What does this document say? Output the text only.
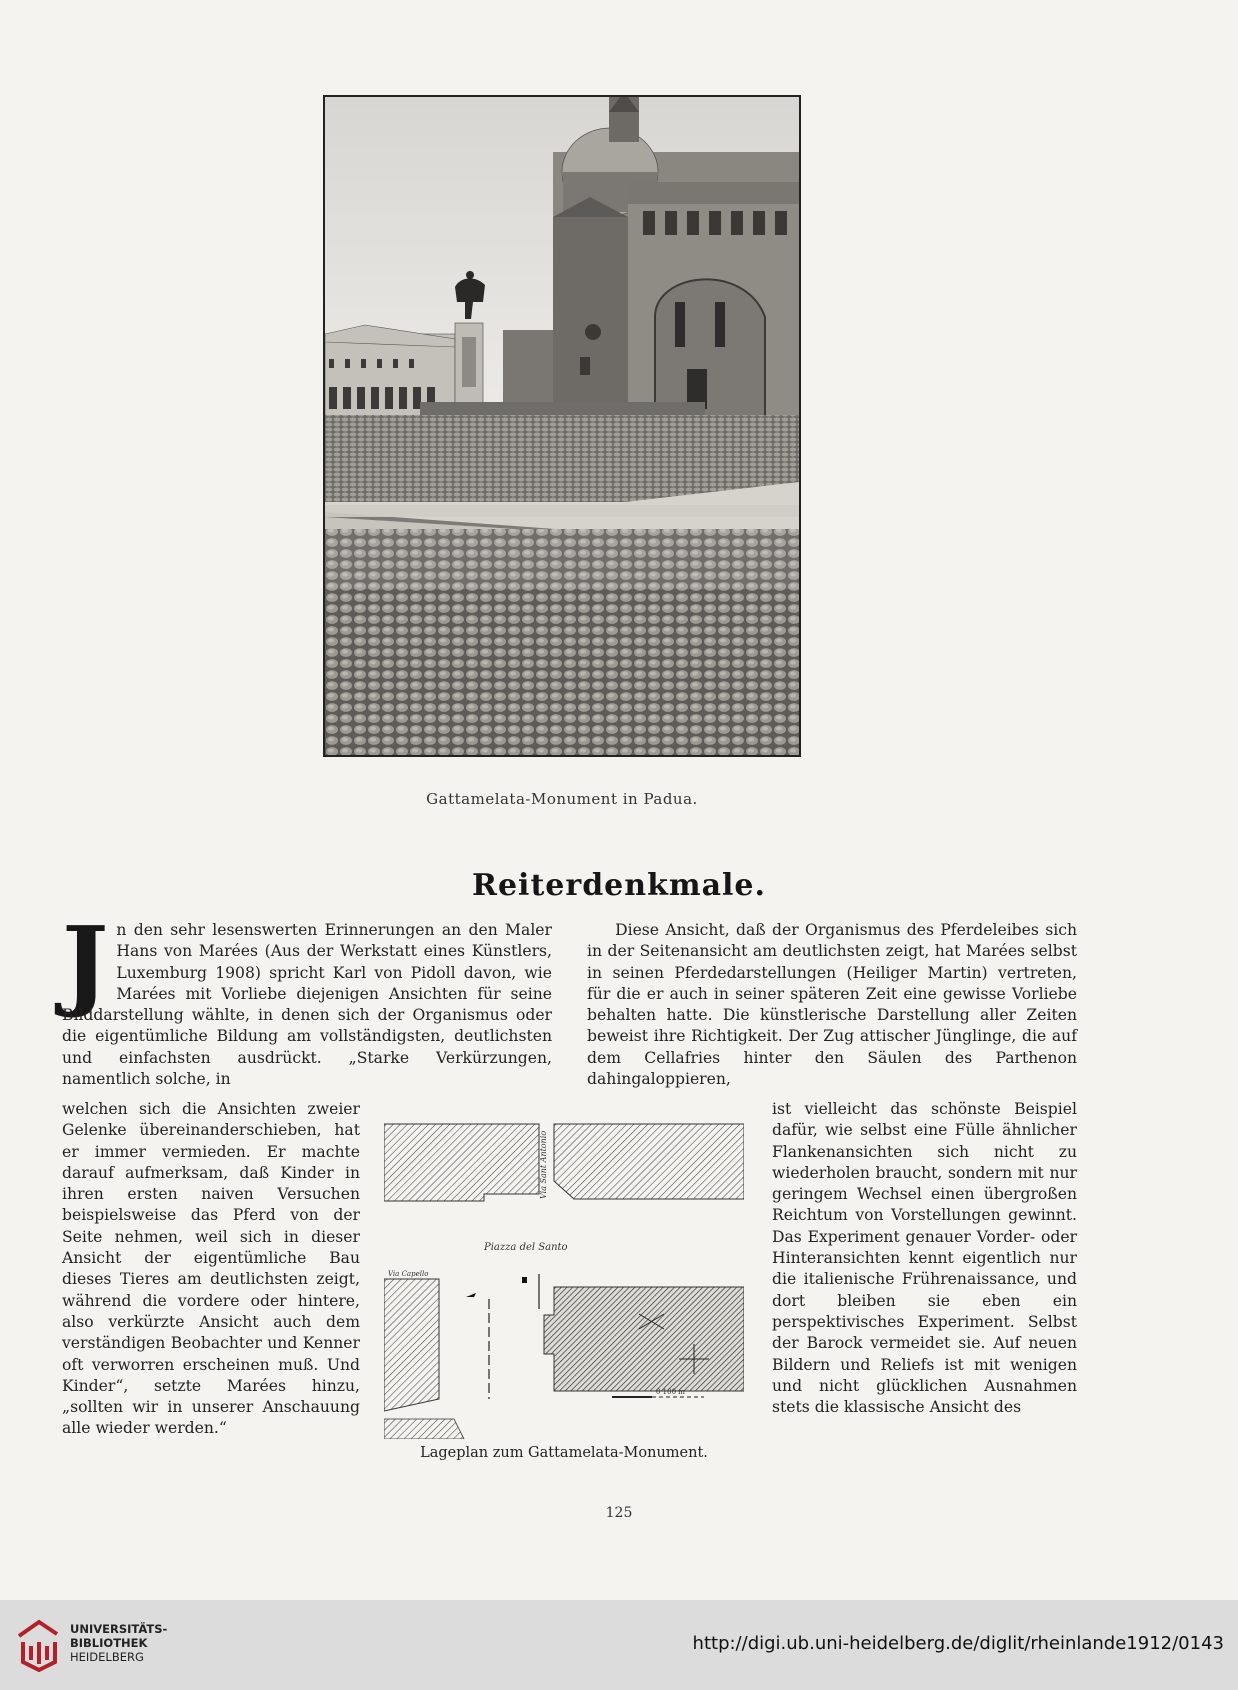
Gattamelata-Monument in Padua.
Reiterdenkmale.
Jn den sehr lesenswerten Erinnerungen an den Maler Hans von Marées (Aus der Werkstatt eines Künstlers, Luxemburg 1908) spricht Karl von Pidoll davon, wie Marées mit Vorliebe diejenigen Ansichten für seine Bilddarstellung wählte, in denen sich der Organismus oder die eigentümliche Bildung am vollständigsten, deutlichsten und einfachsten ausdrückt. „Starke Verkürzungen, namentlich solche, in
welchen sich die Ansichten zweier Gelenke übereinanderschieben, hat er immer vermieden. Er machte darauf aufmerksam, daß Kinder in ihren ersten naiven Versuchen beispielsweise das Pferd von der Seite nehmen, weil sich in dieser Ansicht der eigentümliche Bau dieses Tieres am deutlichsten zeigt, während die vordere oder hintere, also verkürzte Ansicht auch dem verständigen Beobachter und Kenner oft verworren erscheinen muß. Und Kinder“, setzte Marées hinzu, „sollten wir in unserer Anschauung alle wieder werden.“
Diese Ansicht, daß der Organismus des Pferdeleibes sich in der Seitenansicht am deutlichsten zeigt, hat Marées selbst in seinen Pferdedarstellungen (Heiliger Martin) vertreten, für die er auch in seiner späteren Zeit eine gewisse Vorliebe behalten hatte. Die künstlerische Darstellung aller Zeiten beweist ihre Richtigkeit. Der Zug attischer Jünglinge, die auf dem Cellafries hinter den Säulen des Parthenon dahingaloppieren,
ist vielleicht das schönste Beispiel dafür, wie selbst eine Fülle ähnlicher Flankenansichten sich nicht zu wiederholen braucht, sondern mit nur geringem Wechsel einen übergroßen Reichtum von Vorstellungen gewinnt. Das Experiment genauer Vorder- oder Hinteransichten kennt eigentlich nur die italienische Frührenaissance, und dort bleiben sie eben ein perspektivisches Experiment. Selbst der Barock vermeidet sie. Auf neuen Bildern und Reliefs ist mit wenigen und nicht glücklichen Ausnahmen stets die klassische Ansicht des
Piazza del Santo
Via Sant Antonio
Via Capello
0 100 m
Lageplan zum Gattamelata-Monument.
125
UNIVERSITÄTS-
BIBLIOTHEK
HEIDELBERG
http://digi.ub.uni-heidelberg.de/diglit/rheinlande1912/0143
